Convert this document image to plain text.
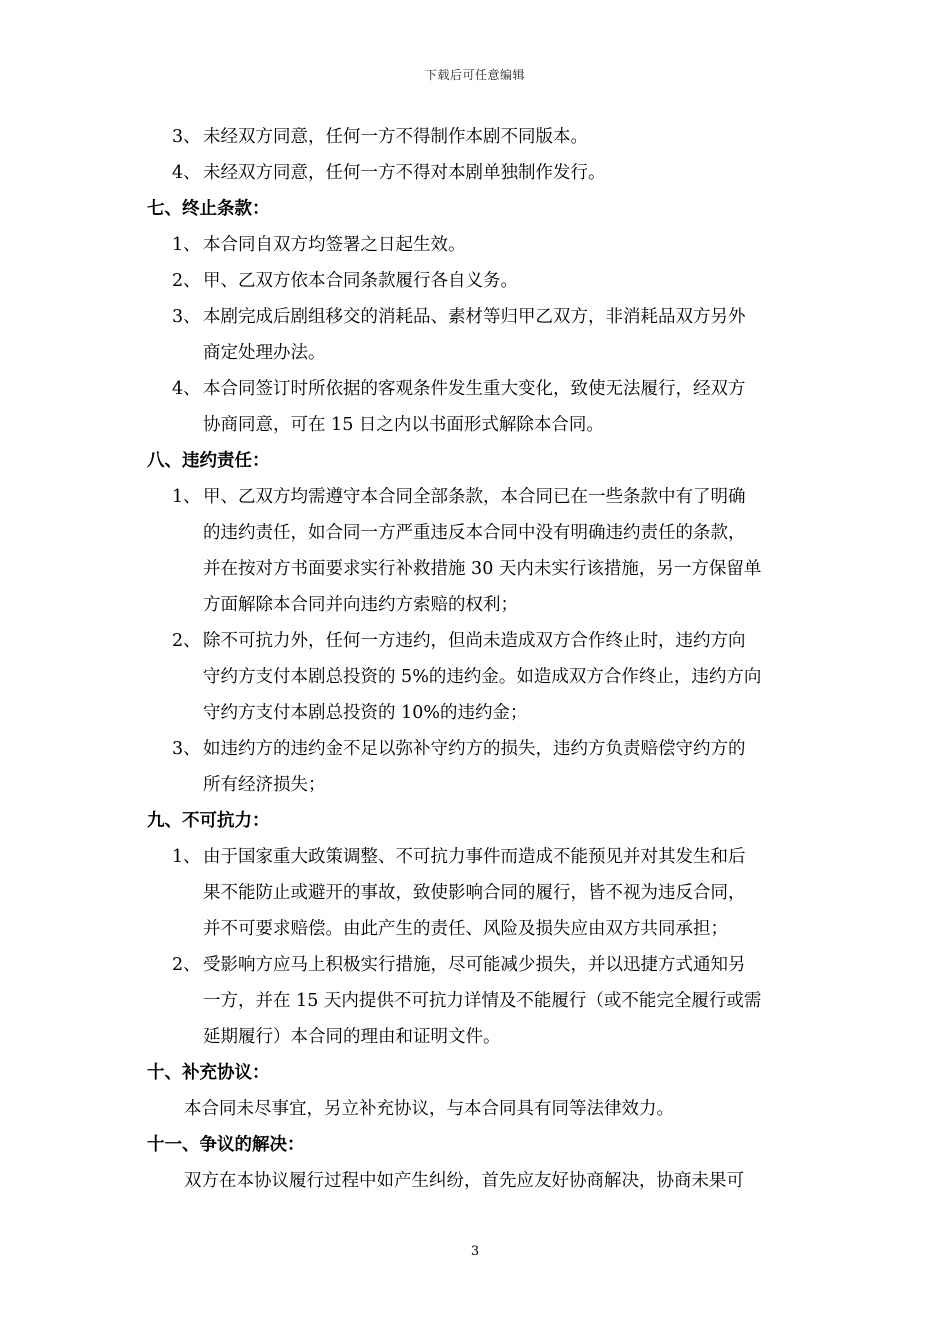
下载后可任意编辑
3、 未经双方同意，任何一方不得制作本剧不同版本。
4、 未经双方同意，任何一方不得对本剧单独制作发行。
七、终止条款：
1、 本合同自双方均签署之日起生效。
2、 甲、乙双方依本合同条款履行各自义务。
3、 本剧完成后剧组移交的消耗品、素材等归甲乙双方，非消耗品双方另外
商定处理办法。
4、 本合同签订时所依据的客观条件发生重大变化，致使无法履行，经双方
协商同意，可在 15 日之内以书面形式解除本合同。
八、违约责任：
1、 甲、乙双方均需遵守本合同全部条款，本合同已在一些条款中有了明确
的违约责任，如合同一方严重违反本合同中没有明确违约责任的条款，
并在按对方书面要求实行补救措施 30 天内未实行该措施，另一方保留单
方面解除本合同并向违约方索赔的权利；
2、 除不可抗力外，任何一方违约，但尚未造成双方合作终止时，违约方向
守约方支付本剧总投资的 5%的违约金。如造成双方合作终止，违约方向
守约方支付本剧总投资的 10%的违约金；
3、 如违约方的违约金不足以弥补守约方的损失，违约方负责赔偿守约方的
所有经济损失；
九、不可抗力：
1、 由于国家重大政策调整、不可抗力事件而造成不能预见并对其发生和后
果不能防止或避开的事故，致使影响合同的履行，皆不视为违反合同，
并不可要求赔偿。由此产生的责任、风险及损失应由双方共同承担；
2、 受影响方应马上积极实行措施，尽可能减少损失，并以迅捷方式通知另
一方，并在 15 天内提供不可抗力详情及不能履行（或不能完全履行或需
延期履行）本合同的理由和证明文件。
十、补充协议：
本合同未尽事宜，另立补充协议，与本合同具有同等法律效力。
十一、争议的解决：
双方在本协议履行过程中如产生纠纷，首先应友好协商解决，协商未果可
3
